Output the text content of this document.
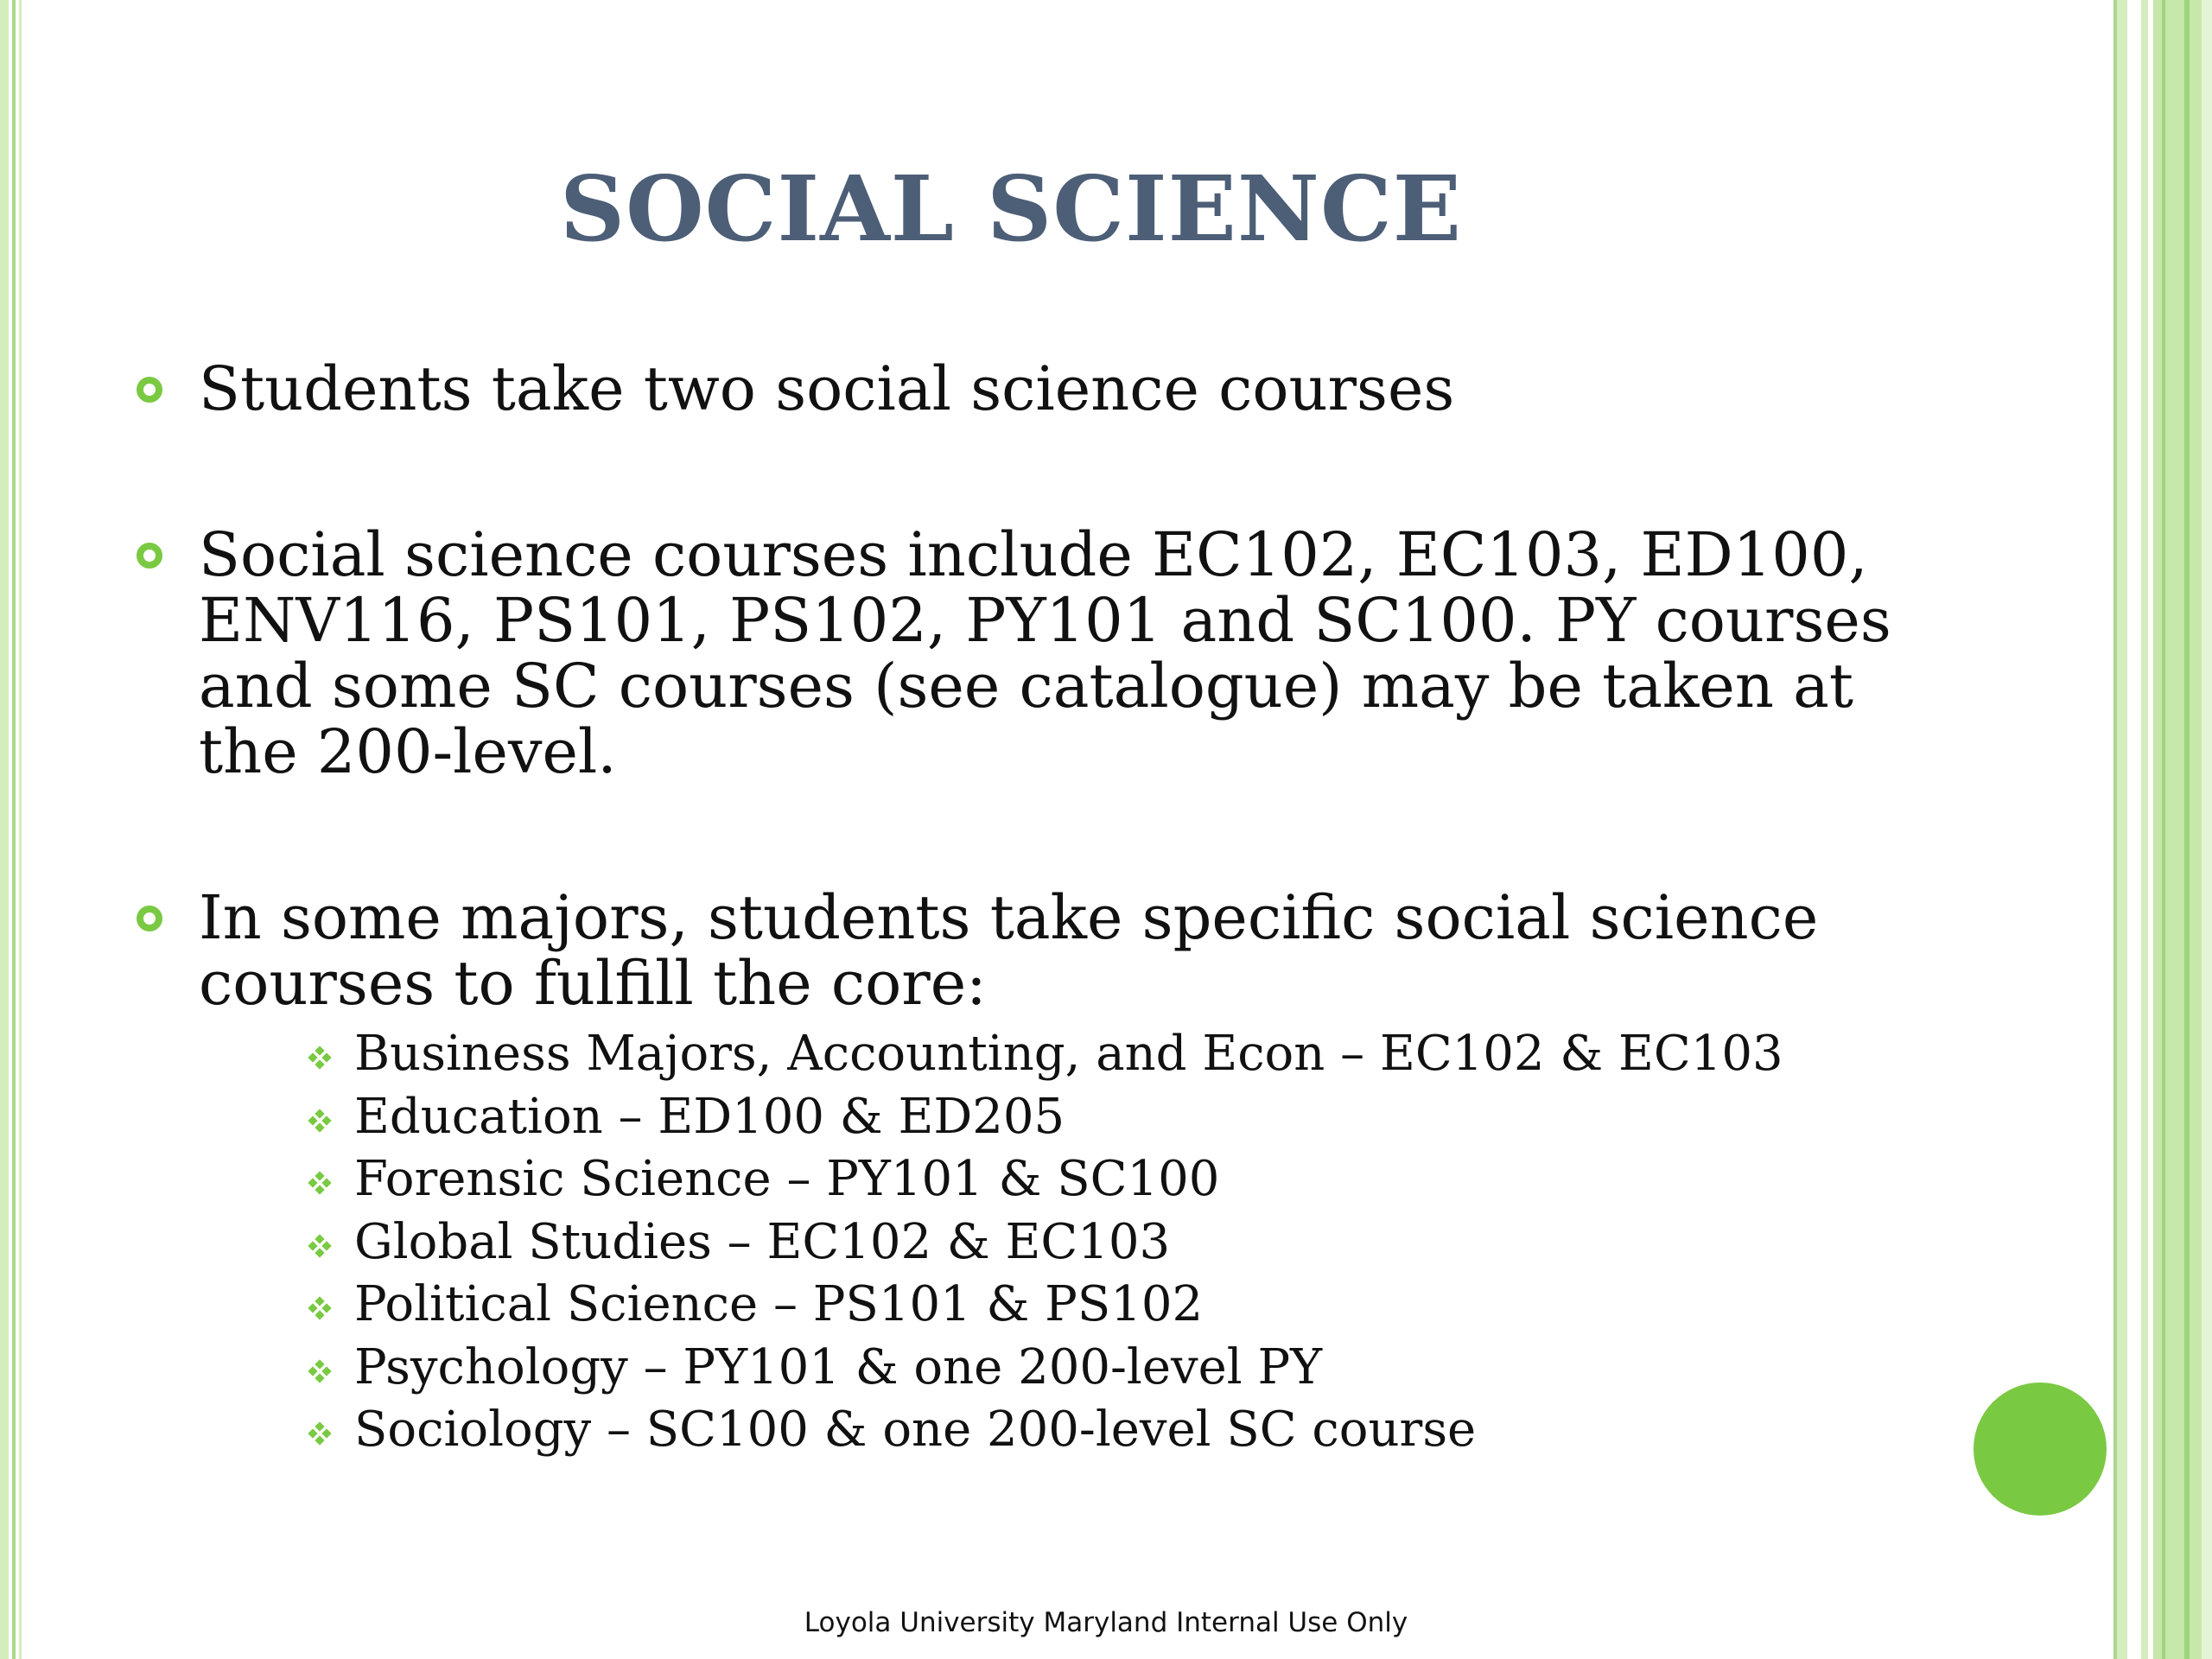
SOCIAL SCIENCE
Students take two social science courses
Social science courses include EC102, EC103, ED100, ENV116, PS101, PS102, PY101 and SC100. PY courses and some SC courses (see catalogue) may be taken at the 200-level.
In some majors, students take specific social science courses to fulfill the core:
Business Majors, Accounting, and Econ – EC102 & EC103
Education – ED100 & ED205
Forensic Science – PY101 & SC100
Global Studies – EC102 & EC103
Political Science – PS101 & PS102
Psychology – PY101 & one 200-level PY
Sociology – SC100 & one 200-level SC course
Loyola University Maryland Internal Use Only
